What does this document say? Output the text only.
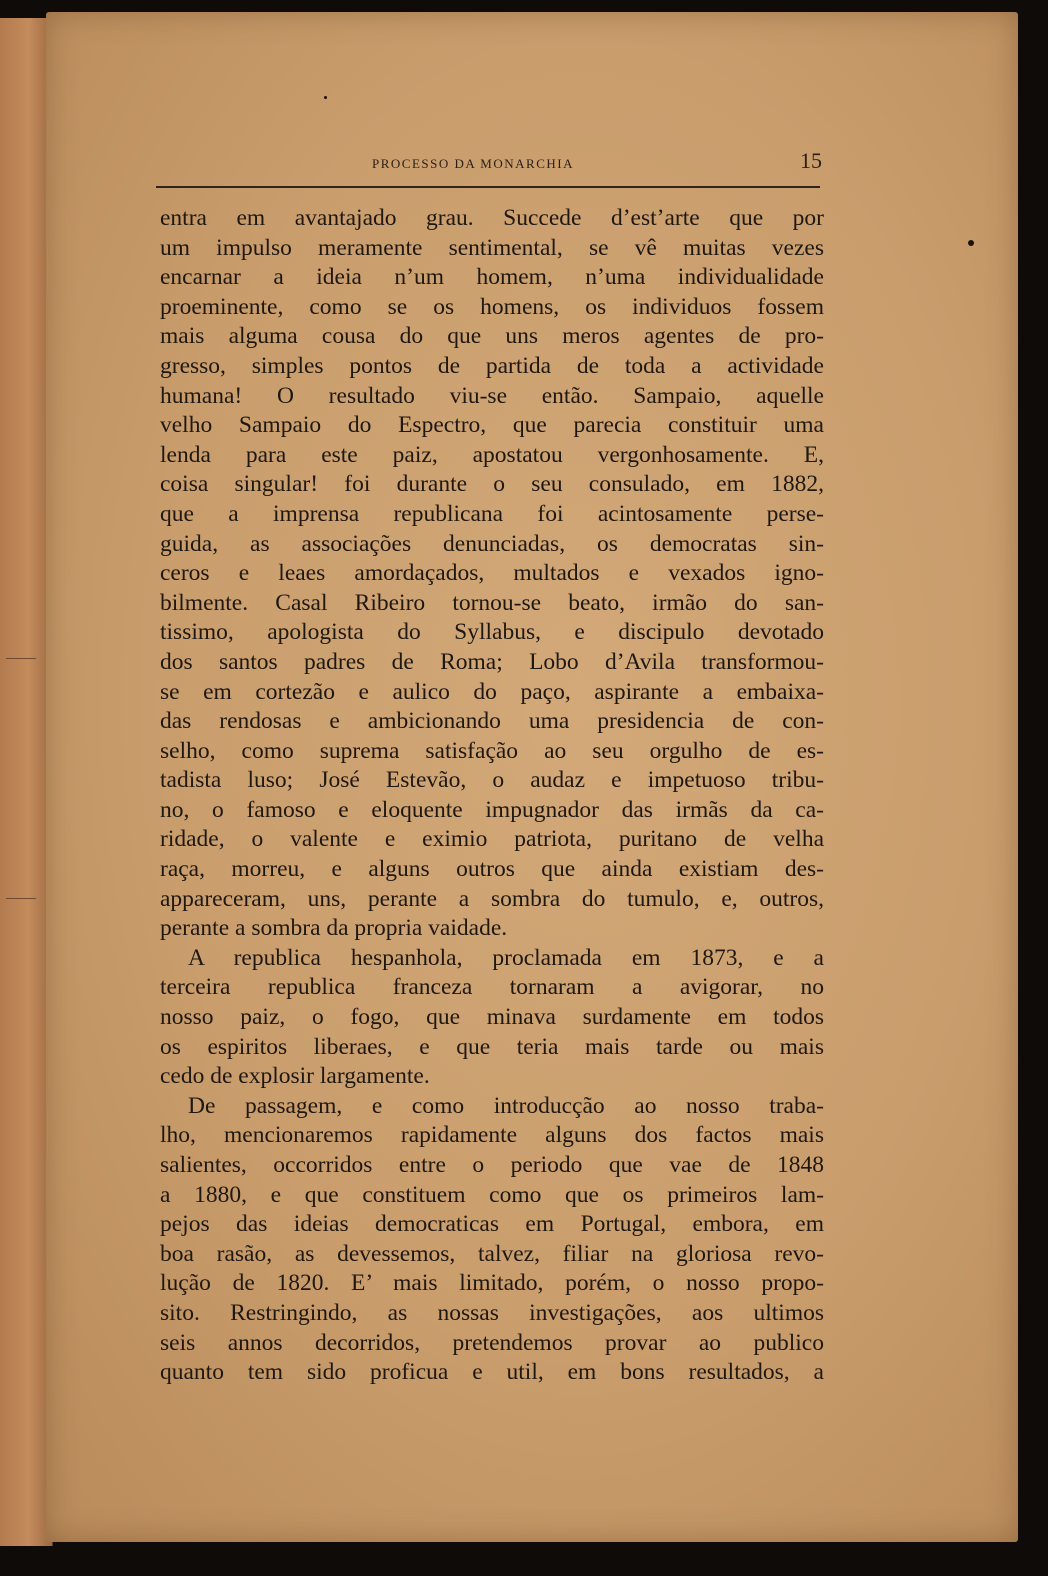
PROCESSO DA MONARCHIA	15
entra em avantajado grau. Succede d’est’arte que por
um impulso meramente sentimental, se vê muitas vezes
encarnar a ideia n’um homem, n’uma individualidade
proeminente, como se os homens, os individuos fossem
mais alguma cousa do que uns meros agentes de pro-
gresso, simples pontos de partida de toda a actividade
humana! O resultado viu-se então. Sampaio, aquelle
velho Sampaio do Espectro, que parecia constituir uma
lenda para este paiz, apostatou vergonhosamente. E,
coisa singular! foi durante o seu consulado, em 1882,
que a imprensa republicana foi acintosamente perse-
guida, as associações denunciadas, os democratas sin-
ceros e leaes amordaçados, multados e vexados igno-
bilmente. Casal Ribeiro tornou-se beato, irmão do san-
tissimo, apologista do Syllabus, e discipulo devotado
dos santos padres de Roma; Lobo d’Avila transformou-
se em cortezão e aulico do paço, aspirante a embaixa-
das rendosas e ambicionando uma presidencia de con-
selho, como suprema satisfação ao seu orgulho de es-
tadista luso; José Estevão, o audaz e impetuoso tribu-
no, o famoso e eloquente impugnador das irmãs da ca-
ridade, o valente e eximio patriota, puritano de velha
raça, morreu, e alguns outros que ainda existiam des-
appareceram, uns, perante a sombra do tumulo, e, outros,
perante a sombra da propria vaidade.
A republica hespanhola, proclamada em 1873, e a
terceira republica franceza tornaram a avigorar, no
nosso paiz, o fogo, que minava surdamente em todos
os espiritos liberaes, e que teria mais tarde ou mais
cedo de explosir largamente.
De passagem, e como introducção ao nosso traba-
lho, mencionaremos rapidamente alguns dos factos mais
salientes, occorridos entre o periodo que vae de 1848
a 1880, e que constituem como que os primeiros lam-
pejos das ideias democraticas em Portugal, embora, em
boa rasão, as devessemos, talvez, filiar na gloriosa revo-
lução de 1820. E’ mais limitado, porém, o nosso propo-
sito. Restringindo, as nossas investigações, aos ultimos
seis annos decorridos, pretendemos provar ao publico
quanto tem sido proficua e util, em bons resultados, a
